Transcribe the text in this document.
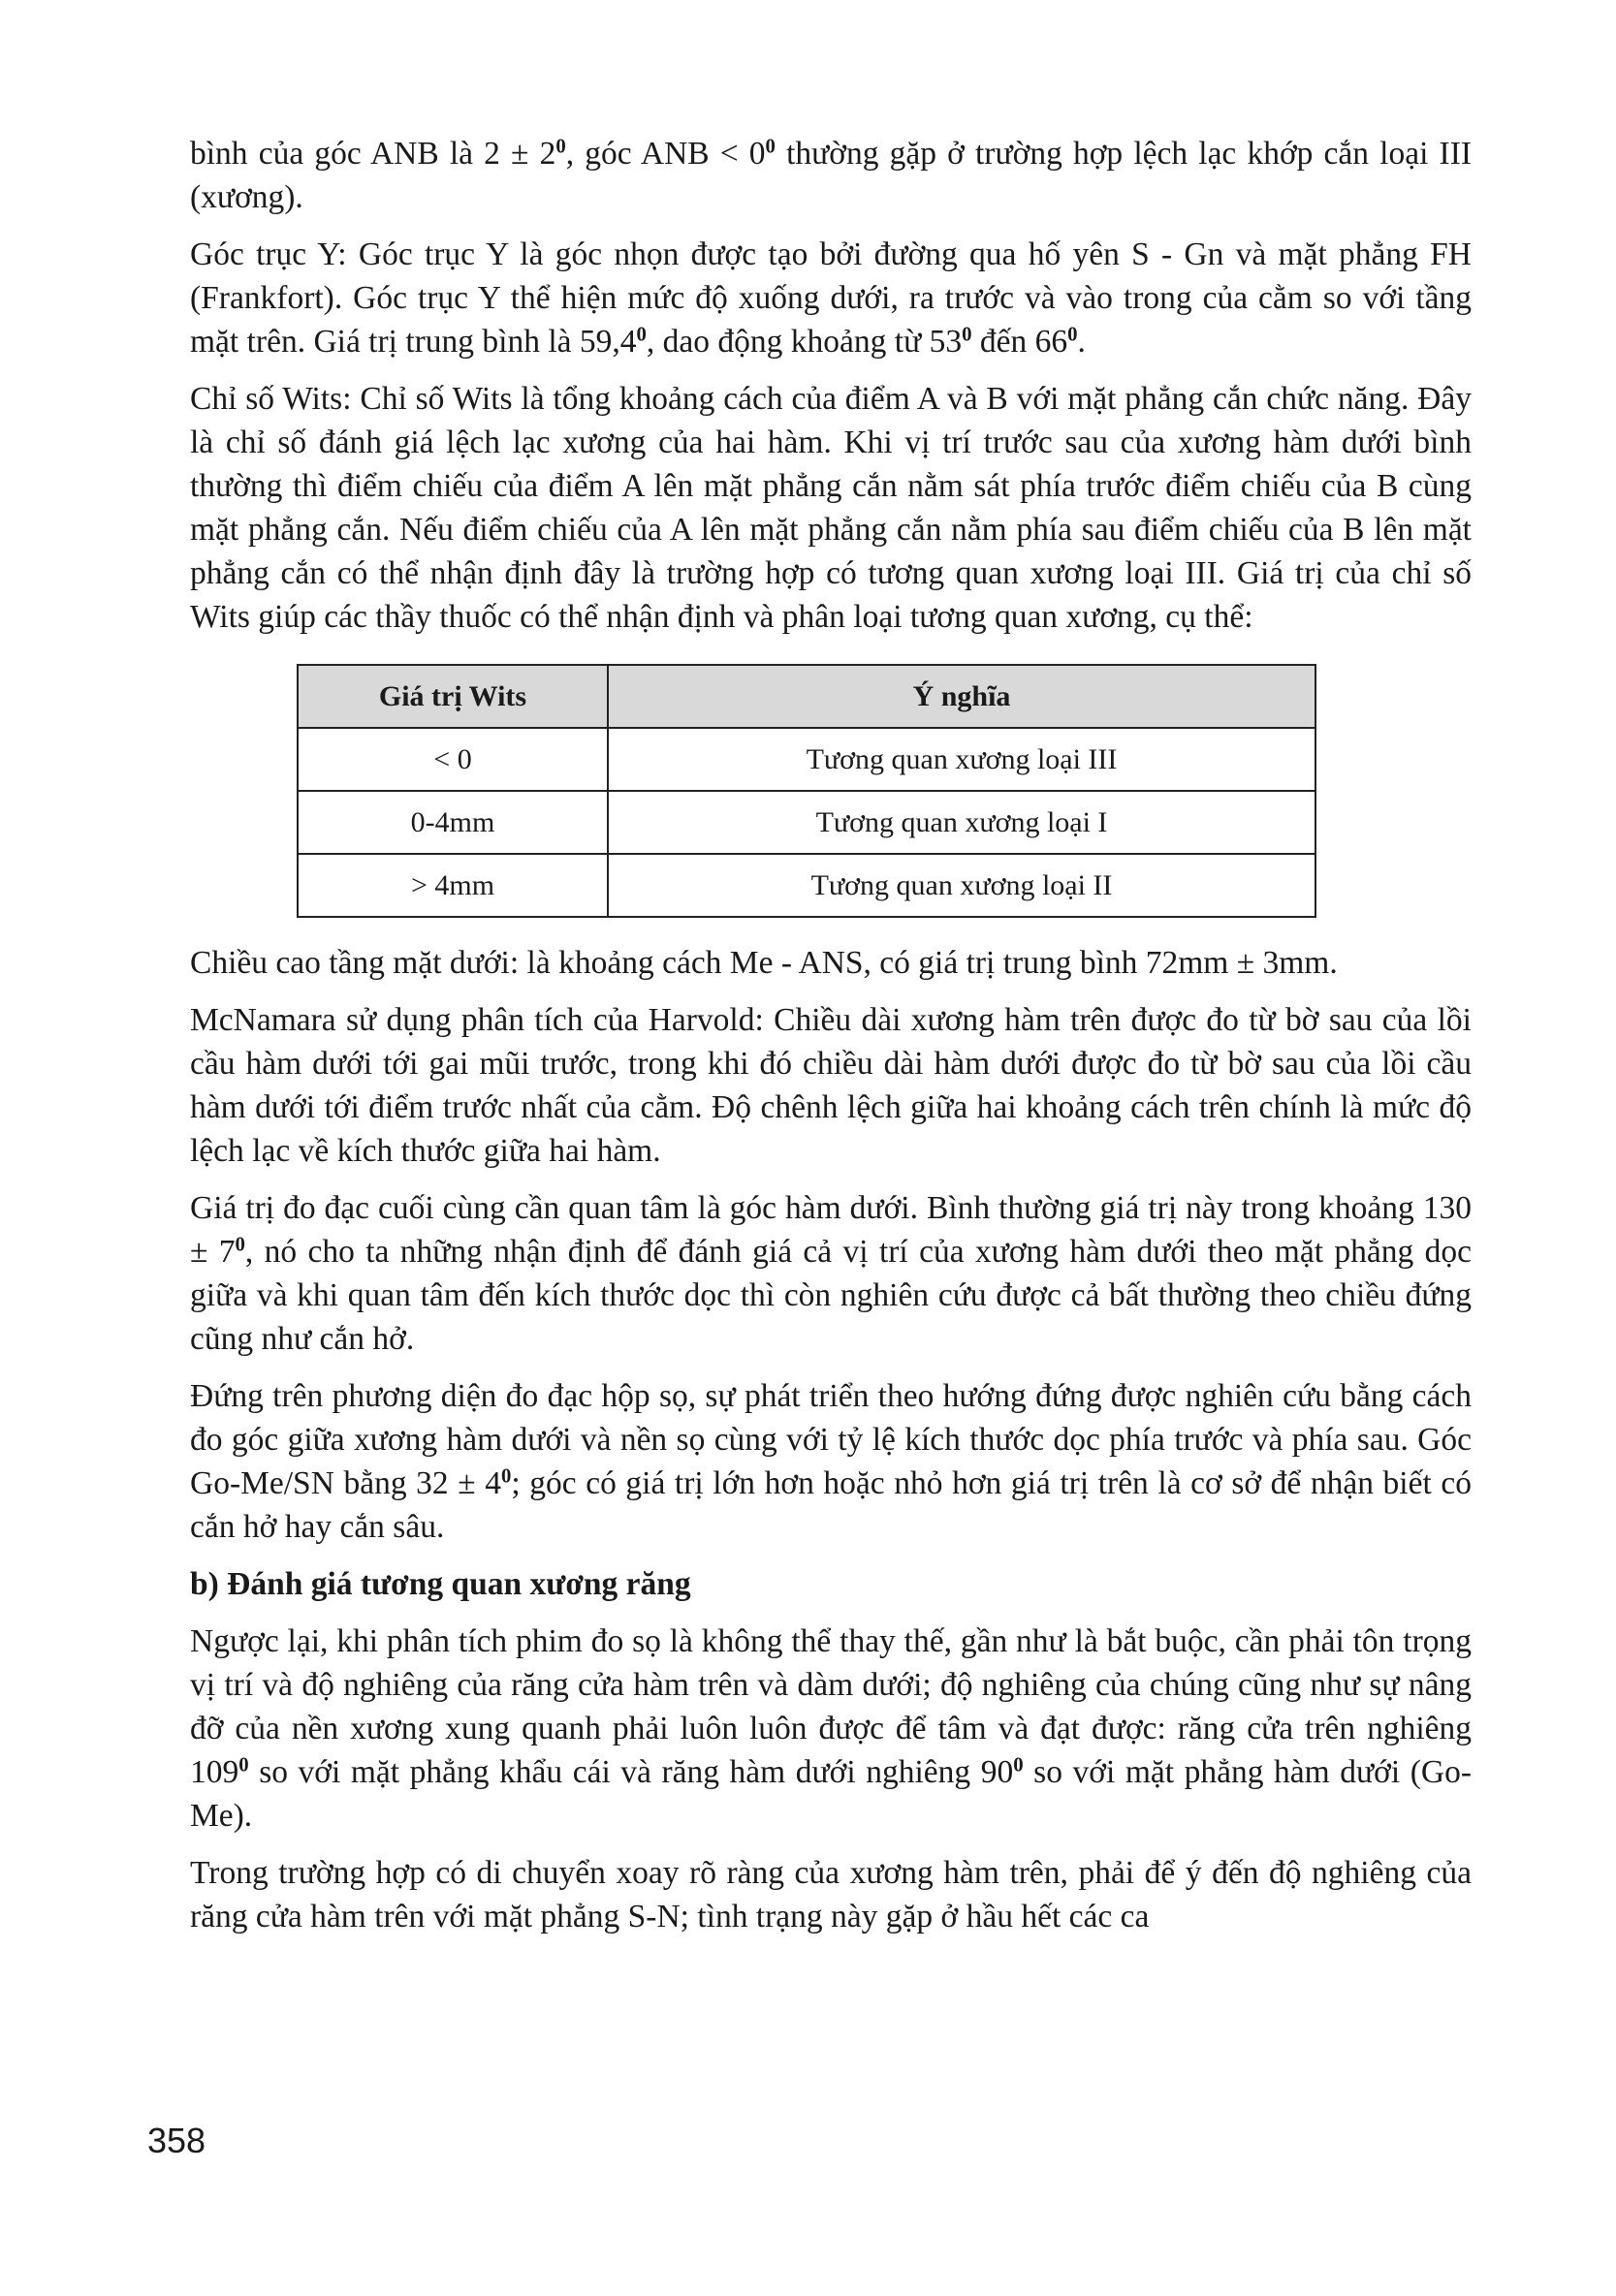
bình của góc ANB là $2 \pm 2^0$, góc ANB < $0^0$ thường gặp ở trường hợp lệch lạc khớp cắn loại III (xương).

Góc trục Y: Góc trục Y là góc nhọn được tạo bởi đường qua hố yên S - Gn và mặt phẳng FH (Frankfort). Góc trục Y thể hiện mức độ xuống dưới, ra trước và vào trong của cằm so với tầng mặt trên. Giá trị trung bình là 59,4$^0$, dao động khoảng từ $53^0$ đến $66^0$.

Chỉ số Wits: Chỉ số Wits là tổng khoảng cách của điểm A và B với mặt phẳng cắn chức năng. Đây là chỉ số đánh giá lệch lạc xương của hai hàm. Khi vị trí trước sau của xương hàm dưới bình thường thì điểm chiếu của điểm A lên mặt phẳng cắn nằm sát phía trước điểm chiếu của B cùng mặt phẳng cắn. Nếu điểm chiếu của A lên mặt phẳng cắn nằm phía sau điểm chiếu của B lên mặt phẳng cắn có thể nhận định đây là trường hợp có tương quan xương loại III. Giá trị của chỉ số Wits giúp các thầy thuốc có thể nhận định và phân loại tương quan xương, cụ thể:

Giá trị Wits	Ý nghĩa
< 0	Tương quan xương loại III
0-4mm	Tương quan xương loại I
> 4mm	Tương quan xương loại II

Chiều cao tầng mặt dưới: là khoảng cách Me - ANS, có giá trị trung bình 72mm ± 3mm.

McNamara sử dụng phân tích của Harvold: Chiều dài xương hàm trên được đo từ bờ sau của lồi cầu hàm dưới tới gai mũi trước, trong khi đó chiều dài hàm dưới được đo từ bờ sau của lồi cầu hàm dưới tới điểm trước nhất của cằm. Độ chênh lệch giữa hai khoảng cách trên chính là mức độ lệch lạc về kích thước giữa hai hàm.

Giá trị đo đạc cuối cùng cần quan tâm là góc hàm dưới. Bình thường giá trị này trong khoảng $130 \pm 7^0$, nó cho ta những nhận định để đánh giá cả vị trí của xương hàm dưới theo mặt phẳng dọc giữa và khi quan tâm đến kích thước dọc thì còn nghiên cứu được cả bất thường theo chiều đứng cũng như cắn hở.

Đứng trên phương diện đo đạc hộp sọ, sự phát triển theo hướng đứng được nghiên cứu bằng cách đo góc giữa xương hàm dưới và nền sọ cùng với tỷ lệ kích thước dọc phía trước và phía sau. Góc Go-Me/SN bằng $32 \pm 4^0$; góc có giá trị lớn hơn hoặc nhỏ hơn giá trị trên là cơ sở để nhận biết có cắn hở hay cắn sâu.

b) Đánh giá tương quan xương răng

Ngược lại, khi phân tích phim đo sọ là không thể thay thế, gần như là bắt buộc, cần phải tôn trọng vị trí và độ nghiêng của răng cửa hàm trên và dàm dưới; độ nghiêng của chúng cũng như sự nâng đỡ của nền xương xung quanh phải luôn luôn được để tâm và đạt được: răng cửa trên nghiêng $109^0$ so với mặt phẳng khẩu cái và răng hàm dưới nghiêng $90^0$ so với mặt phẳng hàm dưới (Go-Me).

Trong trường hợp có di chuyển xoay rõ ràng của xương hàm trên, phải để ý đến độ nghiêng của răng cửa hàm trên với mặt phẳng S-N; tình trạng này gặp ở hầu hết các ca

358
